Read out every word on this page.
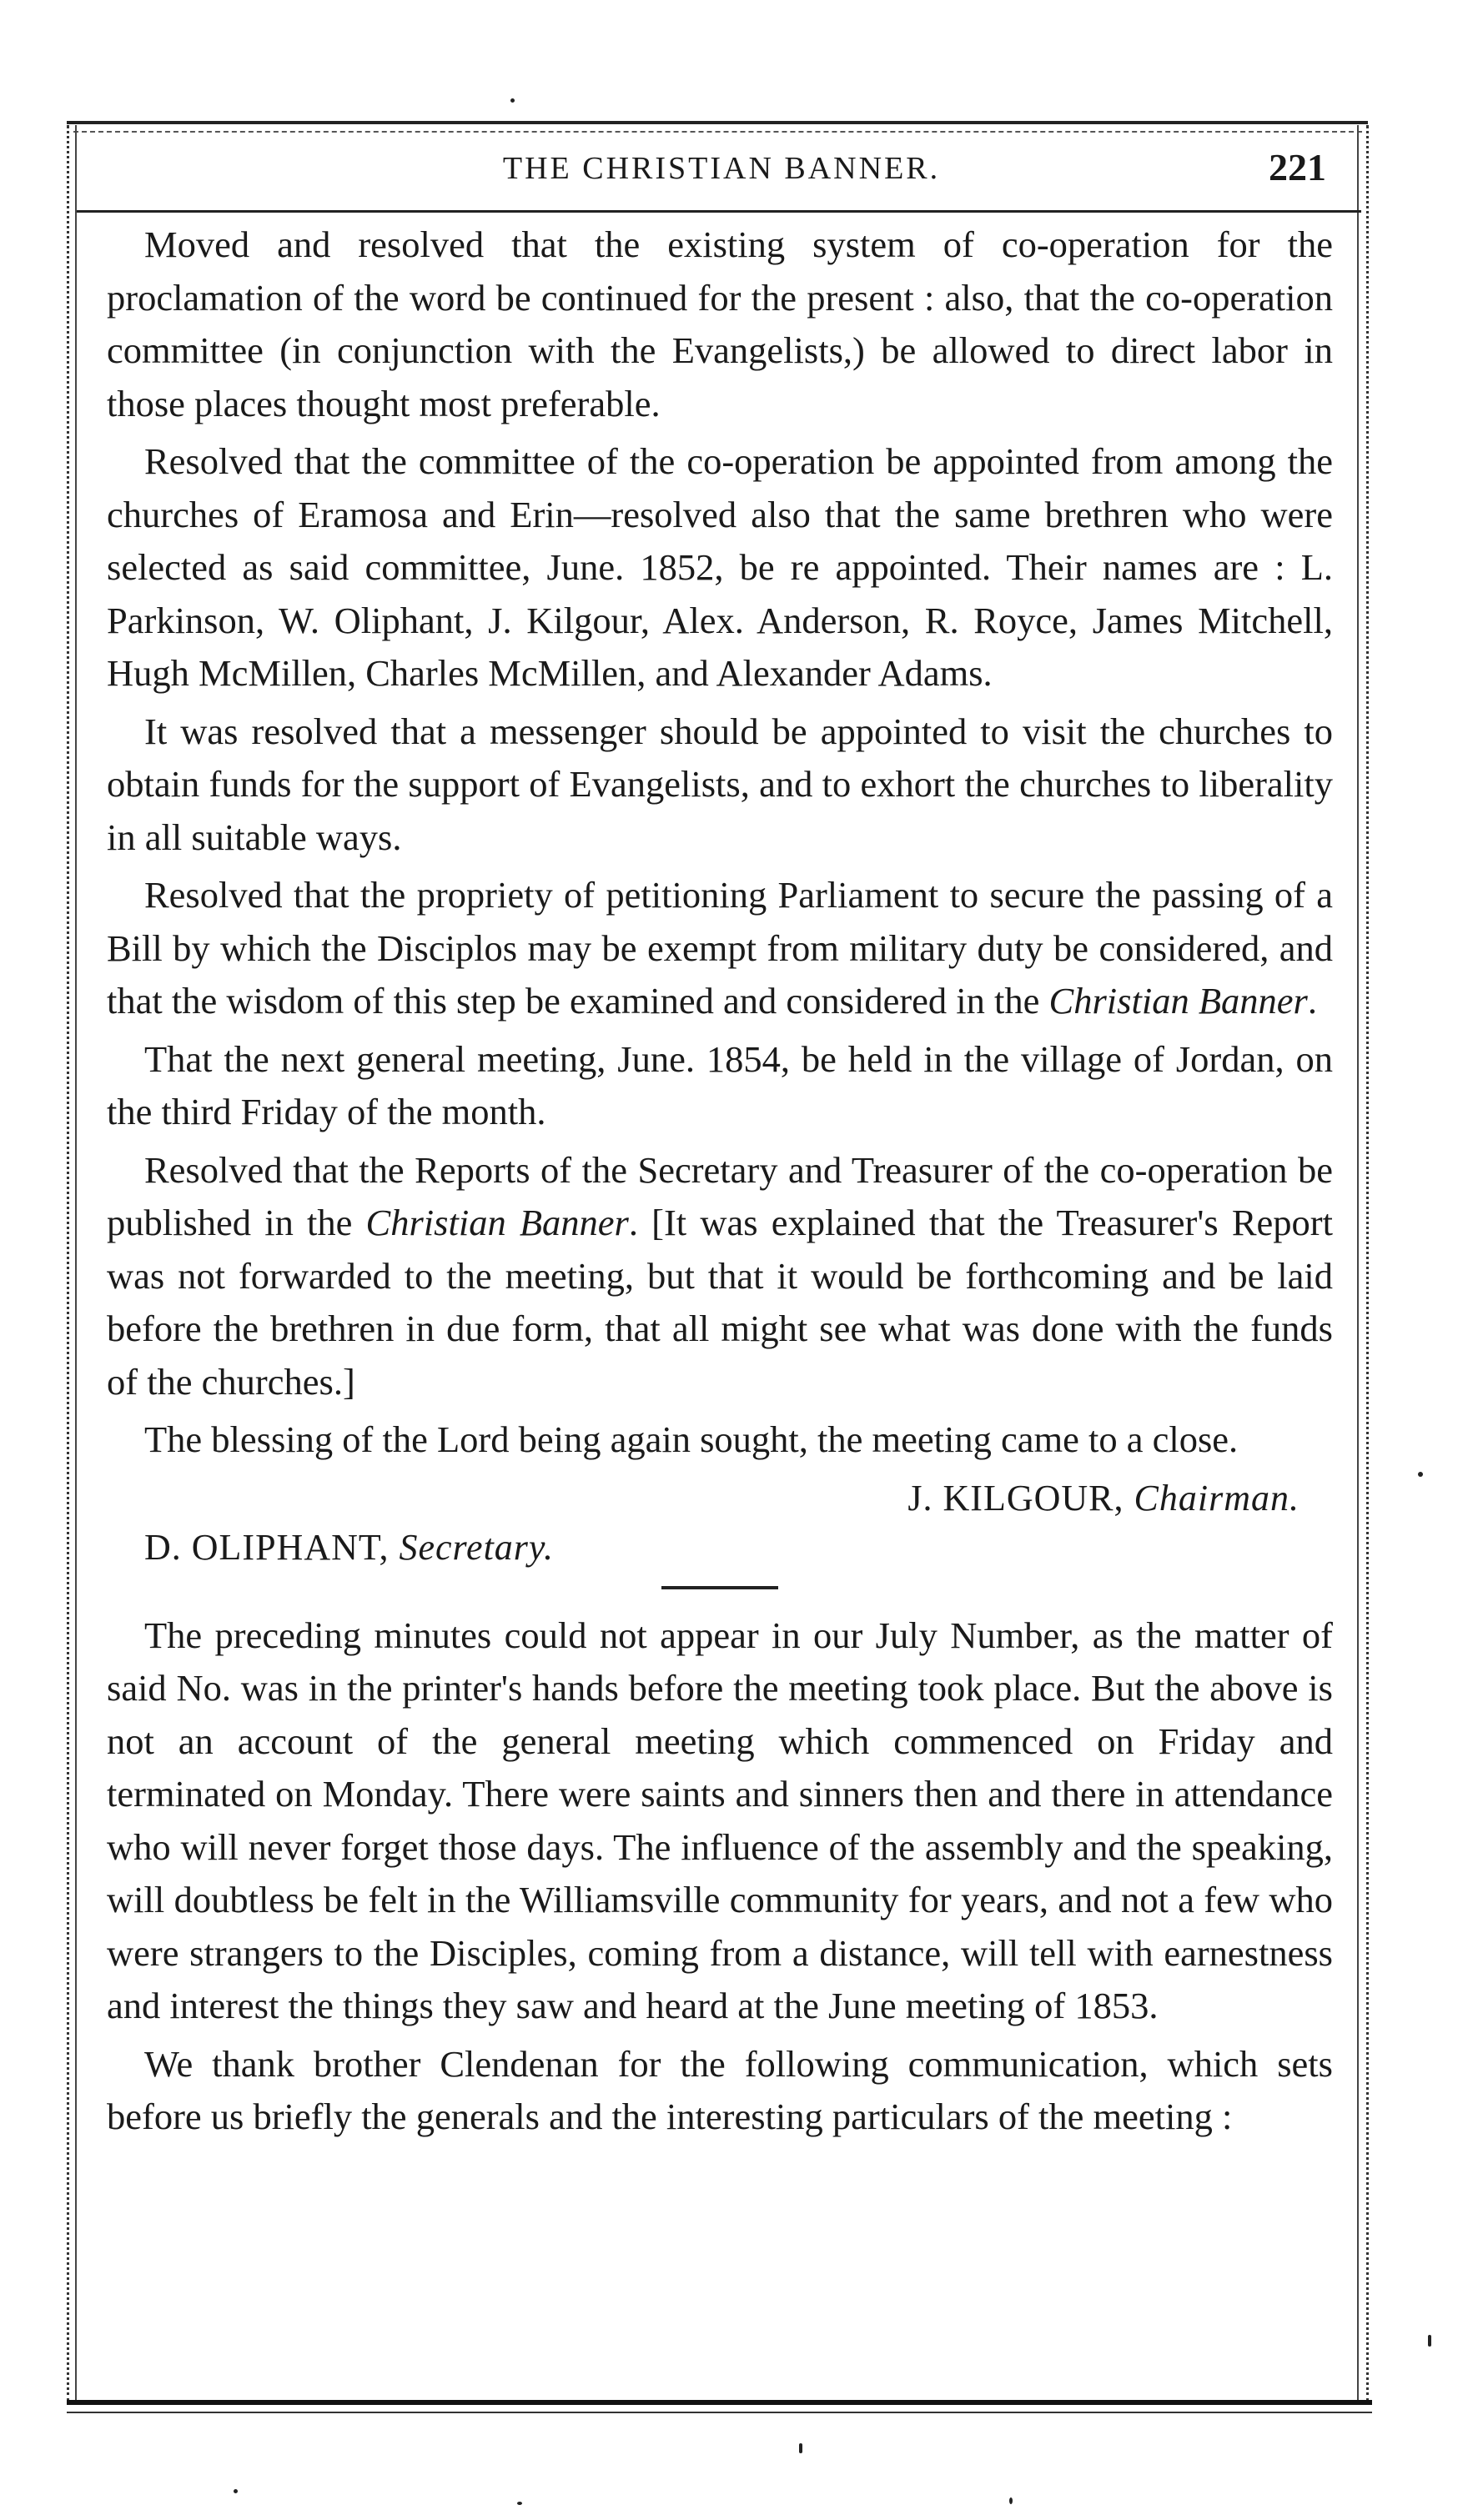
THE CHRISTIAN BANNER.	221

Moved and resolved that the existing system of co-operation for the proclamation of the word be continued for the present : also, that the co-operation committee (in conjunction with the Evangelists,) be allowed to direct labor in those places thought most preferable.

Resolved that the committee of the co-operation be appointed from among the churches of Eramosa and Erin—resolved also that the same brethren who were selected as said committee, June. 1852, be re appointed. Their names are : L. Parkinson, W. Oliphant, J. Kilgour, Alex. Anderson, R. Royce, James Mitchell, Hugh McMillen, Charles McMillen, and Alexander Adams.

It was resolved that a messenger should be appointed to visit the churches to obtain funds for the support of Evangelists, and to exhort the churches to liberality in all suitable ways.

Resolved that the propriety of petitioning Parliament to secure the passing of a Bill by which the Disciplos may be exempt from military duty be considered, and that the wisdom of this step be examined and considered in the Christian Banner.

That the next general meeting, June. 1854, be held in the village of Jordan, on the third Friday of the month.

Resolved that the Reports of the Secretary and Treasurer of the co-operation be published in the Christian Banner. [It was explained that the Treasurer's Report was not forwarded to the meeting, but that it would be forthcoming and be laid before the brethren in due form, that all might see what was done with the funds of the churches.]

The blessing of the Lord being again sought, the meeting came to a close.

J. KILGOUR, Chairman.
D. OLIPHANT, Secretary.

The preceding minutes could not appear in our July Number, as the matter of said No. was in the printer's hands before the meeting took place. But the above is not an account of the general meeting which commenced on Friday and terminated on Monday. There were saints and sinners then and there in attendance who will never forget those days. The influence of the assembly and the speaking, will doubtless be felt in the Williamsville community for years, and not a few who were strangers to the Disciples, coming from a distance, will tell with earnestness and interest the things they saw and heard at the June meeting of 1853.

We thank brother Clendenan for the following communication, which sets before us briefly the generals and the interesting particulars of the meeting :
